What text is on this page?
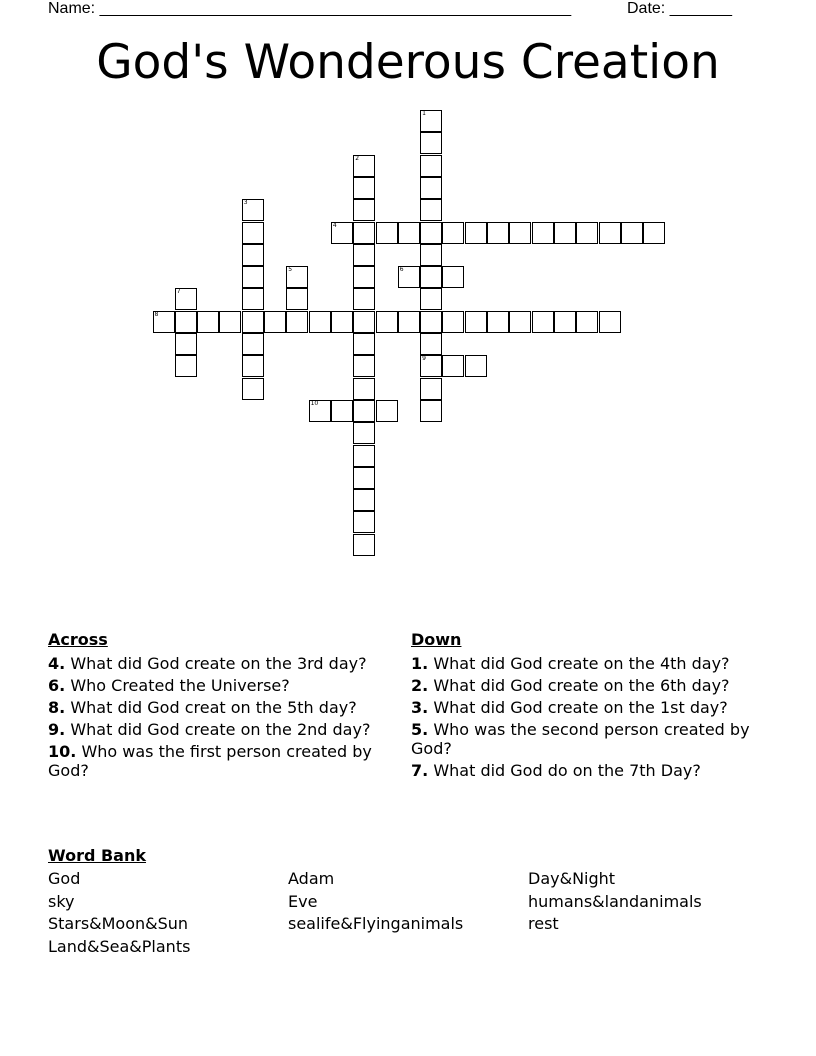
Name: _____________________________________________________	Date: _______
God's Wonderous Creation
1
9
2
3
4
5	6
7
8
10
Across
4. What did God create on the 3rd day?
6. Who Created the Universe?
8. What did God creat on the 5th day?
9. What did God create on the 2nd day?
10. Who was the first person created by God?
Down
1. What did God create on the 4th day?
2. What did God create on the 6th day?
3. What did God create on the 1st day?
5. Who was the second person created by God?
7. What did God do on the 7th Day?
Word Bank
God
sky
Stars&Moon&Sun
Land&Sea&Plants
Adam
Eve
sealife&Flyinganimals
Day&Night
humans&landanimals
rest
